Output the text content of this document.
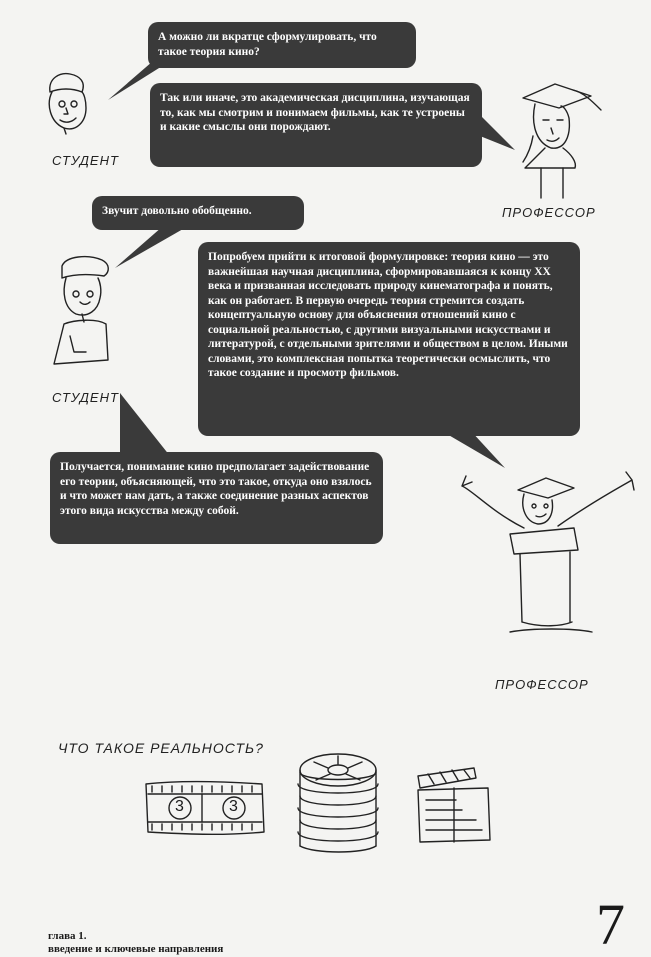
А можно ли вкратце сформулировать, что такое теория кино?
Так или иначе, это академическая дисциплина, изучающая то, как мы смотрим и понимаем фильмы, как те устроены и какие смыслы они порождают.
Звучит довольно обобщенно.
Попробуем прийти к итоговой формулировке: теория кино — это важнейшая научная дисциплина, сформировавшаяся к концу XX века и призванная исследовать природу кинематографа и понять, как он работает. В первую очередь теория стремится создать концептуальную основу для объяснения отношений кино с социальной реальностью, с другими визуальными искусствами и литературой, с отдельными зрителями и обществом в целом. Иными словами, это комплексная попытка теоретически осмыслить, что такое создание и просмотр фильмов.
Получается, понимание кино предполагает задействование его теории, объясняющей, что это такое, откуда оно взялось и что может нам дать, а также соединение разных аспектов этого вида искусства между собой.
СТУДЕНТ
ПРОФЕССОР
СТУДЕНТ
ПРОФЕССОР
ЧТО ТАКОЕ РЕАЛЬНОСТЬ?
3	3
глава 1.
введение и ключевые направления	7
